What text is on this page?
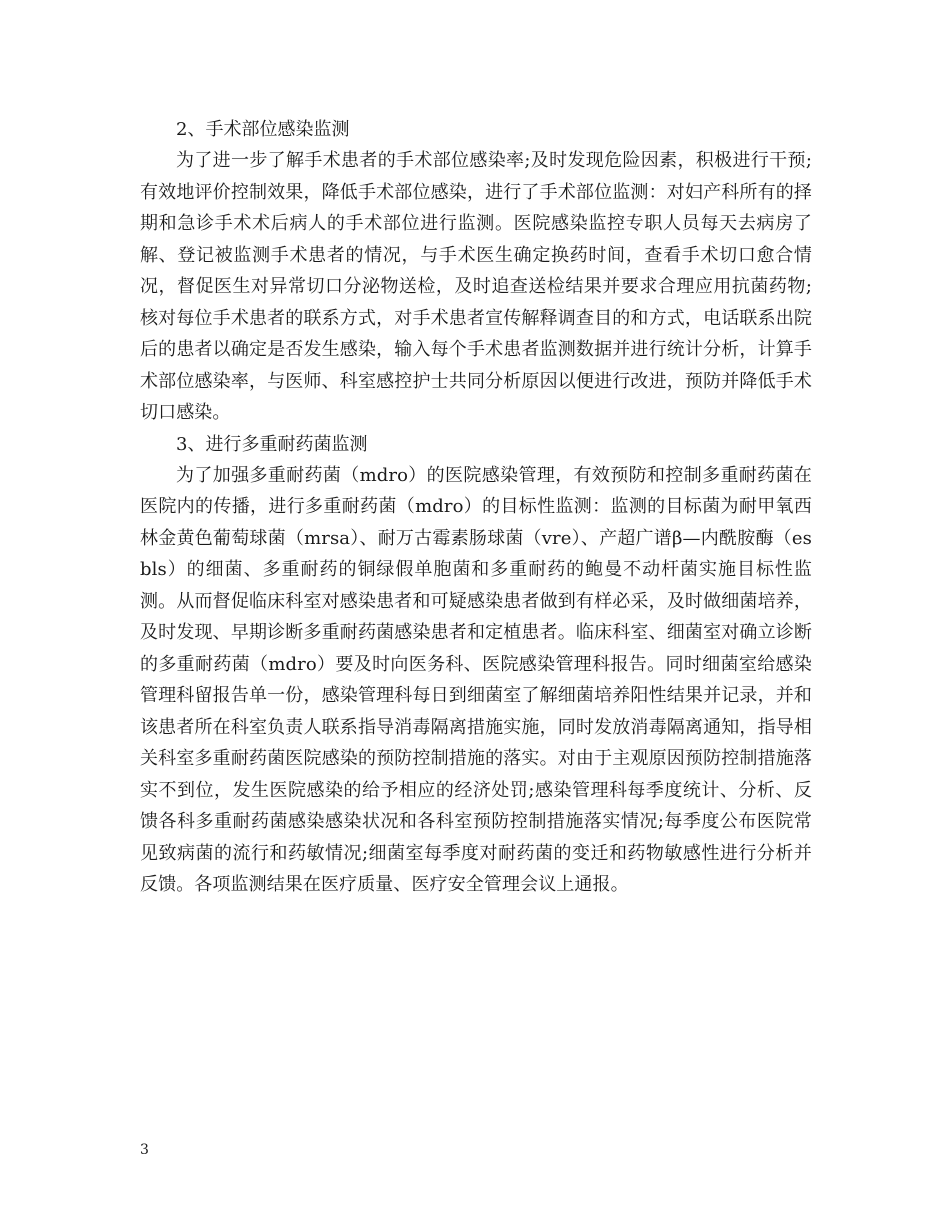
2、手术部位感染监测

为了进一步了解手术患者的手术部位感染率;及时发现危险因素，积极进行干预;有效地评价控制效果，降低手术部位感染，进行了手术部位监测：对妇产科所有的择期和急诊手术术后病人的手术部位进行监测。医院感染监控专职人员每天去病房了解、登记被监测手术患者的情况，与手术医生确定换药时间，查看手术切口愈合情况，督促医生对异常切口分泌物送检，及时追查送检结果并要求合理应用抗菌药物;核对每位手术患者的联系方式，对手术患者宣传解释调查目的和方式，电话联系出院后的患者以确定是否发生感染，输入每个手术患者监测数据并进行统计分析，计算手术部位感染率，与医师、科室感控护士共同分析原因以便进行改进，预防并降低手术切口感染。

3、进行多重耐药菌监测

为了加强多重耐药菌（mdro）的医院感染管理，有效预防和控制多重耐药菌在医院内的传播，进行多重耐药菌（mdro）的目标性监测：监测的目标菌为耐甲氧西林金黄色葡萄球菌（mrsa）、耐万古霉素肠球菌（vre）、产超广谱β—内酰胺酶（esbls）的细菌、多重耐药的铜绿假单胞菌和多重耐药的鲍曼不动杆菌实施目标性监测。从而督促临床科室对感染患者和可疑感染患者做到有样必采，及时做细菌培养，及时发现、早期诊断多重耐药菌感染患者和定植患者。临床科室、细菌室对确立诊断的多重耐药菌（mdro）要及时向医务科、医院感染管理科报告。同时细菌室给感染管理科留报告单一份，感染管理科每日到细菌室了解细菌培养阳性结果并记录，并和该患者所在科室负责人联系指导消毒隔离措施实施，同时发放消毒隔离通知，指导相关科室多重耐药菌医院感染的预防控制措施的落实。对由于主观原因预防控制措施落实不到位，发生医院感染的给予相应的经济处罚;感染管理科每季度统计、分析、反馈各科多重耐药菌感染感染状况和各科室预防控制措施落实情况;每季度公布医院常见致病菌的流行和药敏情况;细菌室每季度对耐药菌的变迁和药物敏感性进行分析并反馈。各项监测结果在医疗质量、医疗安全管理会议上通报。

3
